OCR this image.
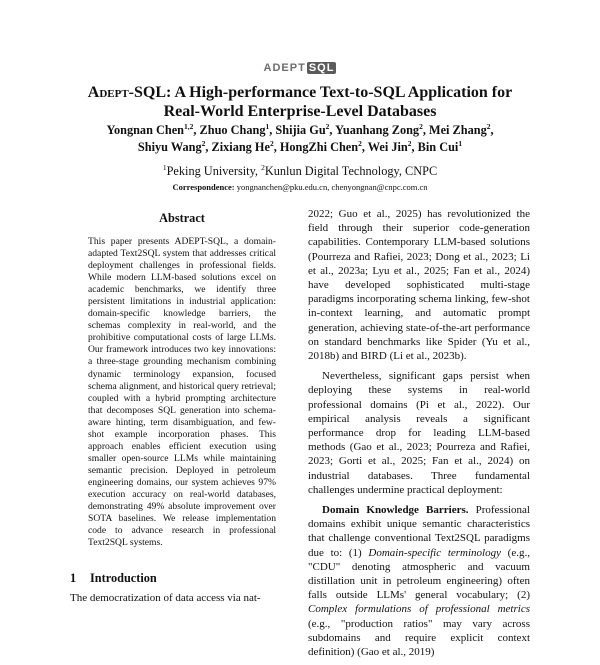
ADEPT SQL
Adept-SQL: A High-performance Text-to-SQL Application for
Real-World Enterprise-Level Databases
Yongnan Chen$^{1,2}$, Zhuo Chang$^1$, Shijia Gu$^2$, Yuanhang Zong$^2$, Mei Zhang$^2$,
Shiyu Wang$^2$, Zixiang He$^2$, HongZhi Chen$^2$, Wei Jin$^2$, Bin Cui$^1$
$^1$Peking University, $^2$Kunlun Digital Technology, CNPC
Correspondence: yongnanchen@pku.edu.cn, chenyongnan@cnpc.com.cn
Abstract
This paper presents ADEPT-SQL, a domain-adapted Text2SQL system that addresses critical deployment challenges in professional fields. While modern LLM-based solutions excel on academic benchmarks, we identify three persistent limitations in industrial application: domain-specific knowledge barriers, the schemas complexity in real-world, and the prohibitive computational costs of large LLMs. Our framework introduces two key innovations: a three-stage grounding mechanism combining dynamic terminology expansion, focused schema alignment, and historical query retrieval; coupled with a hybrid prompting architecture that decomposes SQL generation into schema-aware hinting, term disambiguation, and few-shot example incorporation phases. This approach enables efficient execution using smaller open-source LLMs while maintaining semantic precision. Deployed in petroleum engineering domains, our system achieves 97% execution accuracy on real-world databases, demonstrating 49% absolute improvement over SOTA baselines. We release implementation code to advance research in professional Text2SQL systems.
1 Introduction
The democratization of data access via nat-

2022; Guo et al., 2025) has revolutionized the field through their superior code-generation capabilities. Contemporary LLM-based solutions (Pourreza and Rafiei, 2023; Dong et al., 2023; Li et al., 2023a; Lyu et al., 2025; Fan et al., 2024) have developed sophisticated multi-stage paradigms incorporating schema linking, few-shot in-context learning, and automatic prompt generation, achieving state-of-the-art performance on standard benchmarks like Spider (Yu et al., 2018b) and BIRD (Li et al., 2023b).

Nevertheless, significant gaps persist when deploying these systems in real-world professional domains (Pi et al., 2022). Our empirical analysis reveals a significant performance drop for leading LLM-based methods (Gao et al., 2023; Pourreza and Rafiei, 2023; Gorti et al., 2025; Fan et al., 2024) on industrial databases. Three fundamental challenges undermine practical deployment:

Domain Knowledge Barriers. Professional domains exhibit unique semantic characteristics that challenge conventional Text2SQL paradigms due to: (1) Domain-specific terminology (e.g., "CDU" denoting atmospheric and vacuum distillation unit in petroleum engineering) often falls outside LLMs' general vocabulary; (2) Complex formulations of professional metrics (e.g., "production ratios" may vary across subdomains and require explicit context definition) (Gao et al., 2019)
